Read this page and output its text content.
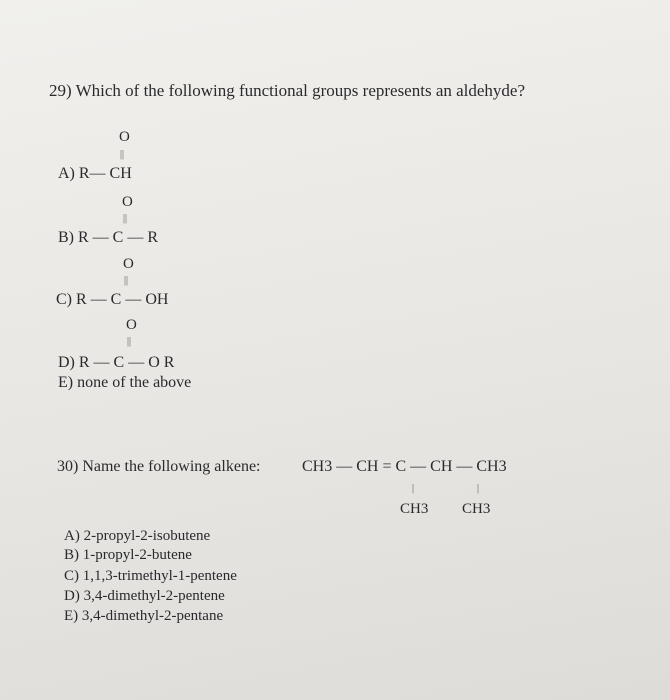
29) Which of the following functional groups represents an aldehyde?
O
||
A) R— CH
O
||
B) R — C — R
O
||
C) R — C — OH
O
||
D) R — C — O R
E) none of the above
30) Name the following alkene:	CH3 — CH = C — CH — CH3
|	|
CH3 CH3
A) 2-propyl-2-isobutene
B) 1-propyl-2-butene
C) 1,1,3-trimethyl-1-pentene
D) 3,4-dimethyl-2-pentene
E) 3,4-dimethyl-2-pentane
